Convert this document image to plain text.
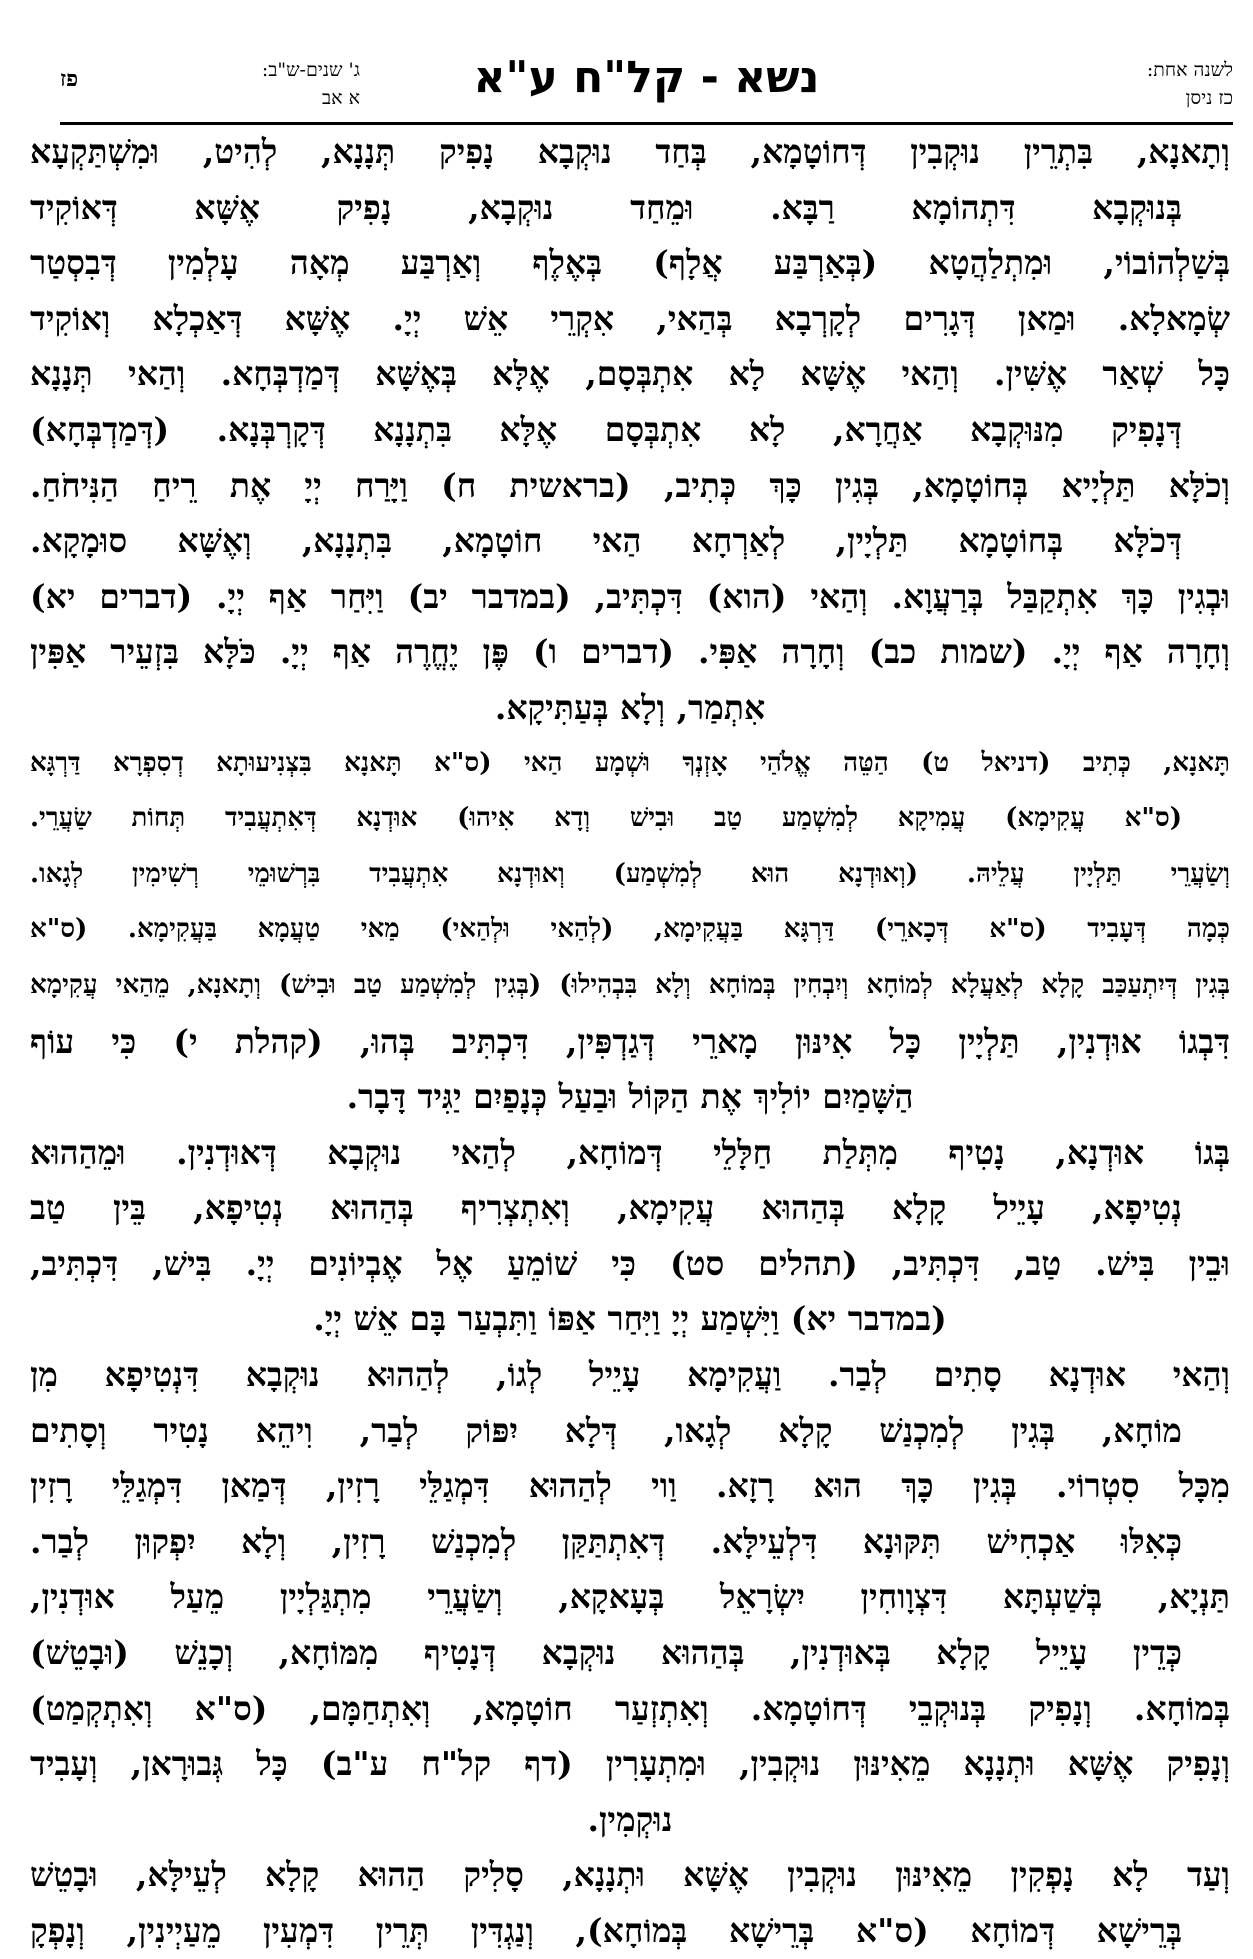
לשנה אחת:
כז ניסן
נשא - קל"ח ע"א
ג' שנים-ש"ב:
א אב
פז
וְתָאנָא, בִּתְרֵין נוּקְבִין דְּחוֹטָמָא, בְּחַד נוּקְבָא נָפִיק תְּנָנָא, לְהִיט, וּמִשְׁתַּקְעָא
בְּנוּקְבָא דִּתְהוֹמָא רַבָּא. וּמֵחַד נוּקְבָא, נָפִיק אֶשָּׁא דְּאוֹקִיד
בְּשַׁלְהוֹבוֹי, וּמִתְלַהֲטָא (בְּאַרְבַּע אֲלָף) בְּאֶלֶף וְאַרְבַּע מְאָה עָלְמִין דְּבִסְטַר
שְׂמָאלָא. וּמַאן דְּגָרִים לְקָרְבָא בְּהַאי, אִקְרֵי אֵשׁ יְיָ. אֶשָּׁא דְּאַכְלָא וְאוֹקִיד
כָּל שְׁאַר אֶשִּׁין. וְהַאי אֶשָּׁא לָא אִתְבְּסָם, אֶלָּא בְּאֶשָּׁא דְּמַדְבְּחָא. וְהַאי תְּנָנָא
דְּנָפִיק מִנּוּקְבָא אַחֲרָא, לָא אִתְבְּסָם אֶלָּא בִּתְנָנָא דְּקָרְבְּנָא. (דְּמַדְבְּחָא)
וְכֹלָּא תַּלְיָיא בְּחוֹטָמָא, בְּגִין כָּךְ כְּתִיב, (בראשית ח) וַיָּרַח יְיָ אֶת רֵיחַ הַנִּיחֹחַ.
דְּכֹלָּא בְּחוֹטָמָא תַּלְיָין, לְאַרְחָא הַאי חוֹטָמָא, בִּתְנָנָא, וְאֶשָּׁא סוּמָקָא.
וּבְגִין כָּךְ אִתְקַבַּל בְּרַעֲוָא. וְהַאי (הוא) דִּכְתִּיב, (במדבר יב) וַיִּחַר אַף יְיָ. (דברים יא)
וְחָרָה אַף יְיָ. (שמות כב) וְחָרָה אַפִּי. (דברים ו) פֶּן יֶחֱרֶה אַף יְיָ. כֹּלָּא בִּזְעֵיר אַפִּין
אִתְמַר, וְלָא בְּעַתִּיקָא.
תָּאנָא, כְּתִיב (דניאל ט) הַטֵּה אֱלֹהַי אָזְנְךָ וּשְׁמָע הַאי (ס"א תָּאנָא בִּצְנִיעוּתָא דְסִפְרָא דַּרְגָּא
(ס"א עֲקִימָא) עֲמִיקָא לְמִשְׁמַע טַב וּבִישׁ וְדָא אִיהוּ) אוּדְנָא דְּאִתְעֲבִיד תְּחוֹת שַׂעֲרֵי.
וְשַׂעֲרֵי תַּלְיָין עֲלֵיהּ. (וְאוּדְנָא הוּא לְמִשְׁמַע) וְאוּדְנָא אִתְעֲבִיד בִּרְשׁוּמֵי רְשִׁימִין לְגָאו.
כְּמָה דְּעָבִיד (ס"א דְּכָארֵי) דַּרְגָּא בַּעֲקִימָא, (לְהַאי וּלְהַאי) מַאי טַעֲמָא בַּעֲקִימָא. (ס"א
בְּגִין דְּיִתְעַכַּב קָלָא לְאַעֲלָא לְמוֹחָא וְיִבְחִין בְּמוֹחָא וְלָא בִּבְהִילוּ) (בְּגִין לְמִשְׁמַע טַב וּבִישׁ) וְתָאנָא, מֵהַאי עֲקִימָא
דִּבְגוֹ אוּדְנִין, תַּלְיָין כָּל אִינּוּן מָארֵי דְּגַדְפִּין, דִּכְתִּיב בְּהוּ, (קהלת י) כִּי עוֹף
הַשָּׁמַיִם יוֹלִיךְ אֶת הַקּוֹל וּבַעַל כְּנָפַיִם יַגִּיד דָּבָר.
בְּגוֹ אוּדְנָא, נָטִיף מִתְּלַת חַלָּלֵי דְּמוֹחָא, לְהַאי נוּקְבָא דְּאוּדְנִין. וּמֵהַהוּא
נְטִיפָא, עָיֵיל קָלָא בְּהַהוּא עֲקִימָא, וְאִתְצְרִיף בְּהַהוּא נְטִיפָא, בֵּין טַב
וּבֵין בִּישׁ. טַב, דִּכְתִּיב, (תהלים סט) כִּי שׁוֹמֵעַ אֶל אֶבְיוֹנִים יְיָ. בִּישׁ, דִּכְתִּיב,
(במדבר יא) וַיִּשְׁמַע יְיָ וַיִּחַר אַפּוֹ וַתִּבְעַר בָּם אֵשׁ יְיָ.
וְהַאי אוּדְנָא סָתִים לְבַר. וַעֲקִימָא עָיֵיל לְגוֹ, לְהַהוּא נוּקְבָא דִּנְטִיפָא מִן
מוֹחָא, בְּגִין לְמִכְנַשׁ קָלָא לְגָאו, דְּלָא יִפּוֹק לְבַר, וִיהֵא נָטִיר וְסָתִים
מִכָּל סִטְרוֹי. בְּגִין כָּךְ הוּא רָזָא. וַוי לְהַהוּא דִּמְגַלֵּי רָזִין, דְּמַאן דִּמְגַלֵּי רָזִין
כְּאִלּוּ אַכְחִישׁ תִּקּוּנָא דִּלְעֵילָּא. דְּאִתְתַּקַּן לְמִכְנַשׁ רָזִין, וְלָא יִפְקוּן לְבַר.
תַּנְיָא, בְּשַׁעְתָּא דִּצְוָוחִין יִשְׂרָאֵל בְּעָאקָא, וְשַׂעֲרֵי מִתְגַּלְיָין מֵעַל אוּדְנִין,
כְּדֵין עָיֵיל קָלָא בְּאוּדְנִין, בְּהַהוּא נוּקְבָא דְּנָטִיף מִמּוֹחָא, וְכָנֵשׁ (וּבָטֵשׁ)
בְּמוֹחָא. וְנָפִיק בְּנוּקְבֵי דְּחוֹטָמָא. וְאִתְזְעַר חוֹטָמָא, וְאִתְחַמָּם, (ס"א וְאִתְקְמַט)
וְנָפִיק אֶשָּׁא וּתְנָנָא מֵאִינּוּן נוּקְבִין, וּמִתְעָרִין (דף קל"ח ע"ב) כָּל גְּבוּרָאן, וְעָבִיד
נוּקְמִין.
וְעַד לָא נָפְקִין מֵאִינּוּן נוּקְבִין אֶשָּׁא וּתְנָנָא, סָלִיק הַהוּא קָלָא לְעֵילָּא, וּבָטֵשׁ
בְּרֵישָׁא דְּמוֹחָא (ס"א בְּרֵישָׁא בְּמוֹחָא), וְנַגְדִּין תְּרֵין דִּמְעִין מֵעַיְינִין, וְנָפְקָ
